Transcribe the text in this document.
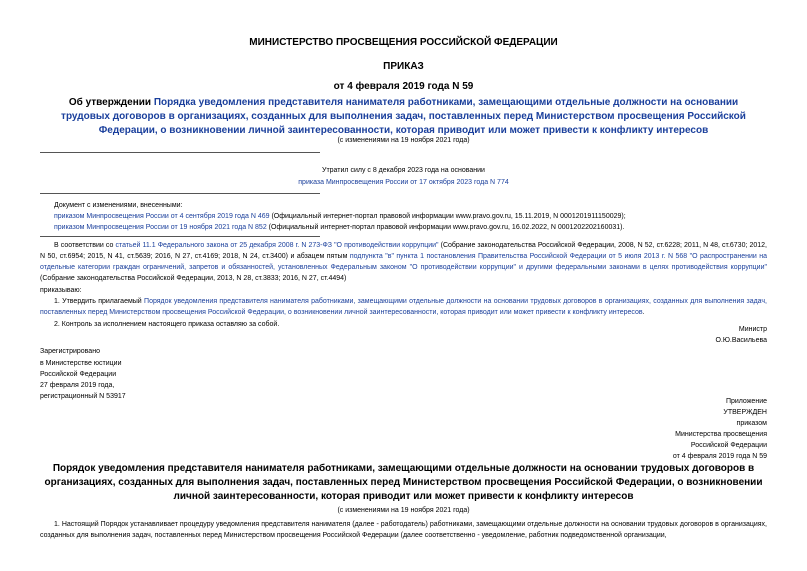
МИНИСТЕРСТВО ПРОСВЕЩЕНИЯ РОССИЙСКОЙ ФЕДЕРАЦИИ
ПРИКАЗ
от 4 февраля 2019 года N 59
Об утверждении Порядка уведомления представителя нанимателя работниками, замещающими отдельные должности на основании трудовых договоров в организациях, созданных для выполнения задач, поставленных перед Министерством просвещения Российской Федерации, о возникновении личной заинтересованности, которая приводит или может привести к конфликту интересов
(с изменениями на 19 ноября 2021 года)
Утратил силу с 8 декабря 2023 года на основании
приказа Минпросвещения России от 17 октября 2023 года N 774
Документ с изменениями, внесенными:
приказом Минпросвещения России от 4 сентября 2019 года N 469 (Официальный интернет-портал правовой информации www.pravo.gov.ru, 15.11.2019, N 0001201911150029);
приказом Минпросвещения России от 19 ноября 2021 года N 852 (Официальный интернет-портал правовой информации www.pravo.gov.ru, 16.02.2022, N 0001202202160031).
В соответствии со статьей 11.1 Федерального закона от 25 декабря 2008 г. N 273-ФЗ "О противодействии коррупции" (Собрание законодательства Российской Федерации, 2008, N 52, ст.6228; 2011, N 48, ст.6730; 2012, N 50, ст.6954; 2015, N 41, ст.5639; 2016, N 27, ст.4169; 2018, N 24, ст.3400) и абзацем пятым подпункта "в" пункта 1 постановления Правительства Российской Федерации от 5 июля 2013 г. N 568 "О распространении на отдельные категории граждан ограничений, запретов и обязанностей, установленных Федеральным законом "О противодействии коррупции" и другими федеральными законами в целях противодействия коррупции" (Собрание законодательства Российской Федерации, 2013, N 28, ст.3833; 2016, N 27, ст.4494)
приказываю:
1. Утвердить прилагаемый Порядок уведомления представителя нанимателя работниками, замещающими отдельные должности на основании трудовых договоров в организациях, созданных для выполнения задач, поставленных перед Министерством просвещения Российской Федерации, о возникновении личной заинтересованности, которая приводит или может привести к конфликту интересов.
2. Контроль за исполнением настоящего приказа оставляю за собой.
Министр
О.Ю.Васильева
Зарегистрировано
в Министерстве юстиции
Российской Федерации
27 февраля 2019 года,
регистрационный N 53917
Приложение
УТВЕРЖДЕН
приказом
Министерства просвещения
Российской Федерации
от 4 февраля 2019 года N 59
Порядок уведомления представителя нанимателя работниками, замещающими отдельные должности на основании трудовых договоров в организациях, созданных для выполнения задач, поставленных перед Министерством просвещения Российской Федерации, о возникновении личной заинтересованности, которая приводит или может привести к конфликту интересов
(с изменениями на 19 ноября 2021 года)
1. Настоящий Порядок устанавливает процедуру уведомления представителя нанимателя (далее - работодатель) работниками, замещающими отдельные должности на основании трудовых договоров в организациях, созданных для выполнения задач, поставленных перед Министерством просвещения Российской Федерации (далее соответственно - уведомление, работник подведомственной организации,
